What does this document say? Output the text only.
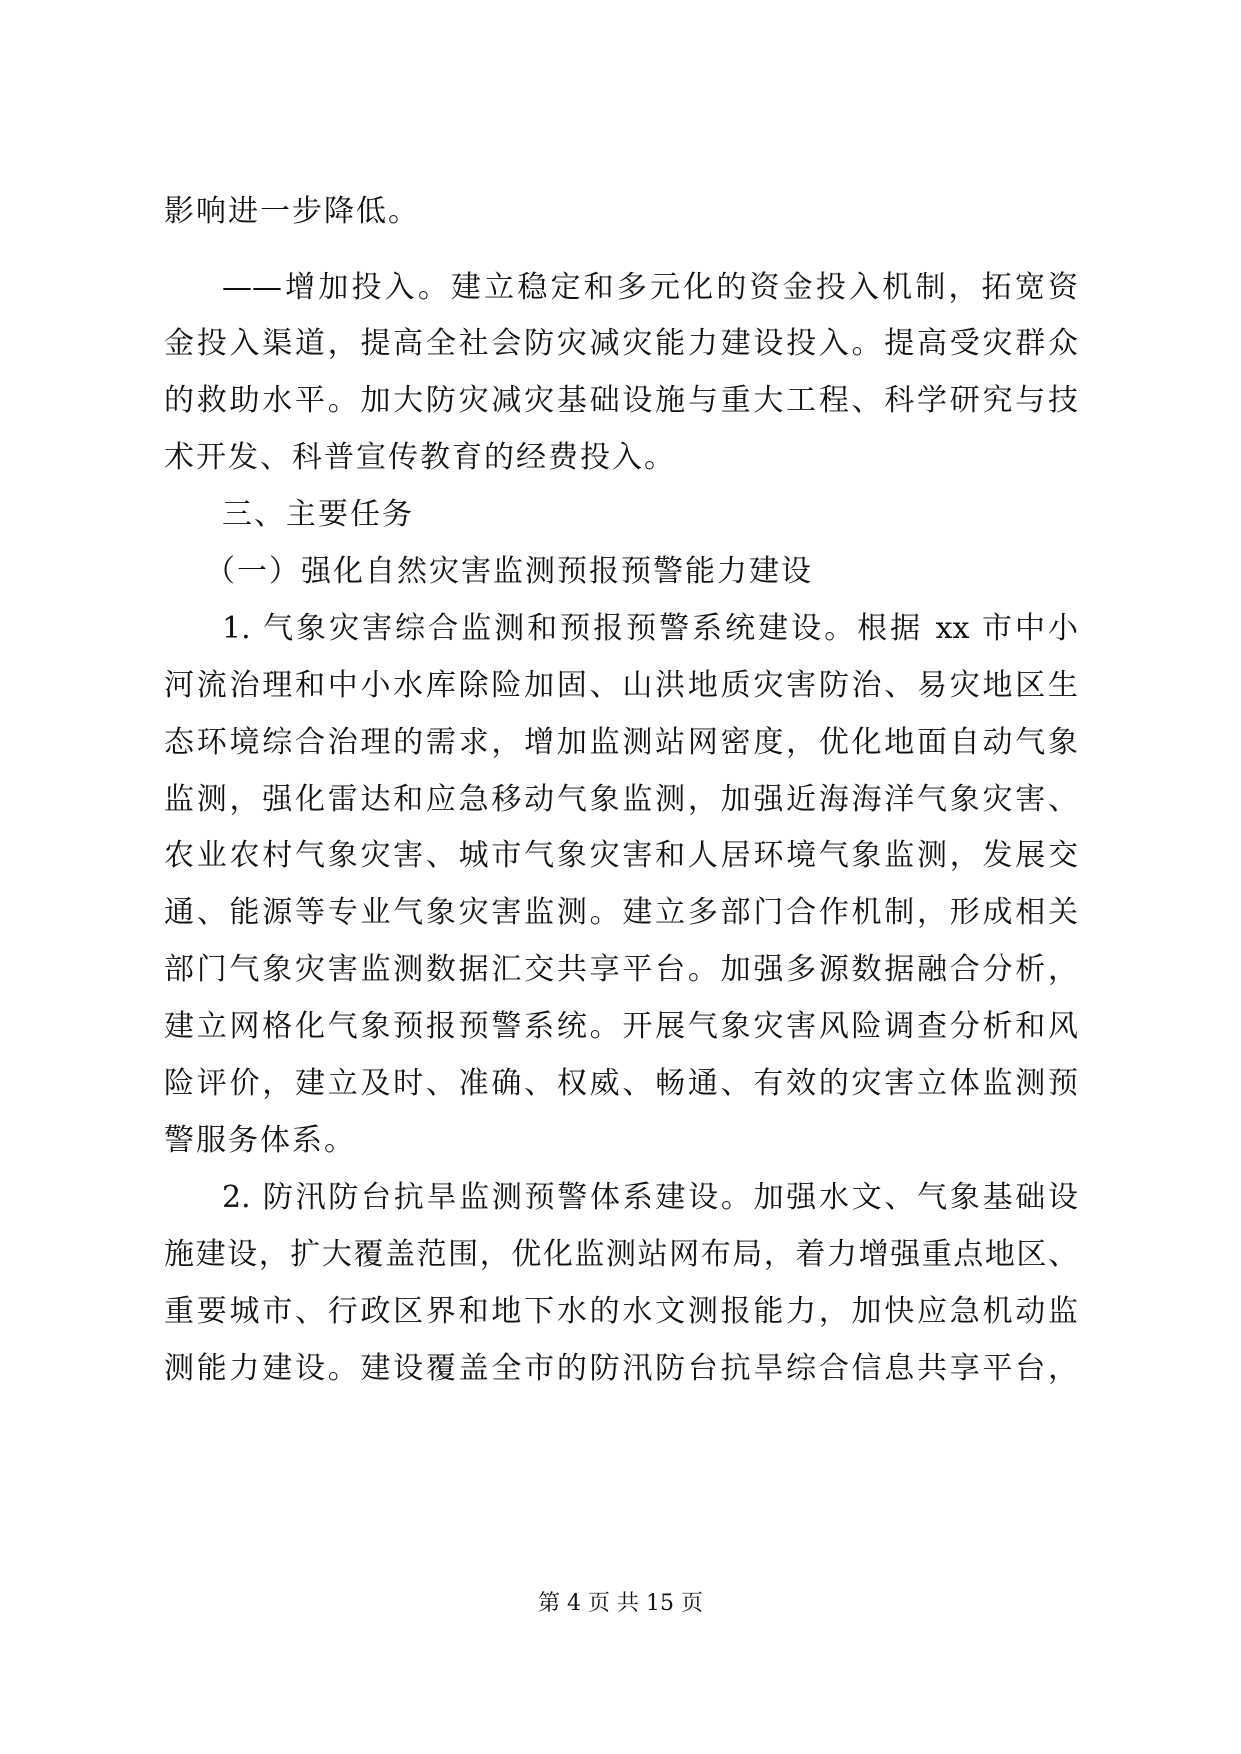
影响进一步降低。
——增加投入。建立稳定和多元化的资金投入机制，拓宽资
金投入渠道，提高全社会防灾减灾能力建设投入。提高受灾群众
的救助水平。加大防灾减灾基础设施与重大工程、科学研究与技
术开发、科普宣传教育的经费投入。
三、主要任务
（一）强化自然灾害监测预报预警能力建设
1. 气象灾害综合监测和预报预警系统建设。根据 xx 市中小
河流治理和中小水库除险加固、山洪地质灾害防治、易灾地区生
态环境综合治理的需求，增加监测站网密度，优化地面自动气象
监测，强化雷达和应急移动气象监测，加强近海海洋气象灾害、
农业农村气象灾害、城市气象灾害和人居环境气象监测，发展交
通、能源等专业气象灾害监测。建立多部门合作机制，形成相关
部门气象灾害监测数据汇交共享平台。加强多源数据融合分析，
建立网格化气象预报预警系统。开展气象灾害风险调查分析和风
险评价，建立及时、准确、权威、畅通、有效的灾害立体监测预
警服务体系。
2. 防汛防台抗旱监测预警体系建设。加强水文、气象基础设
施建设，扩大覆盖范围，优化监测站网布局，着力增强重点地区、
重要城市、行政区界和地下水的水文测报能力，加快应急机动监
测能力建设。建设覆盖全市的防汛防台抗旱综合信息共享平台，
第 4 页 共 15 页
